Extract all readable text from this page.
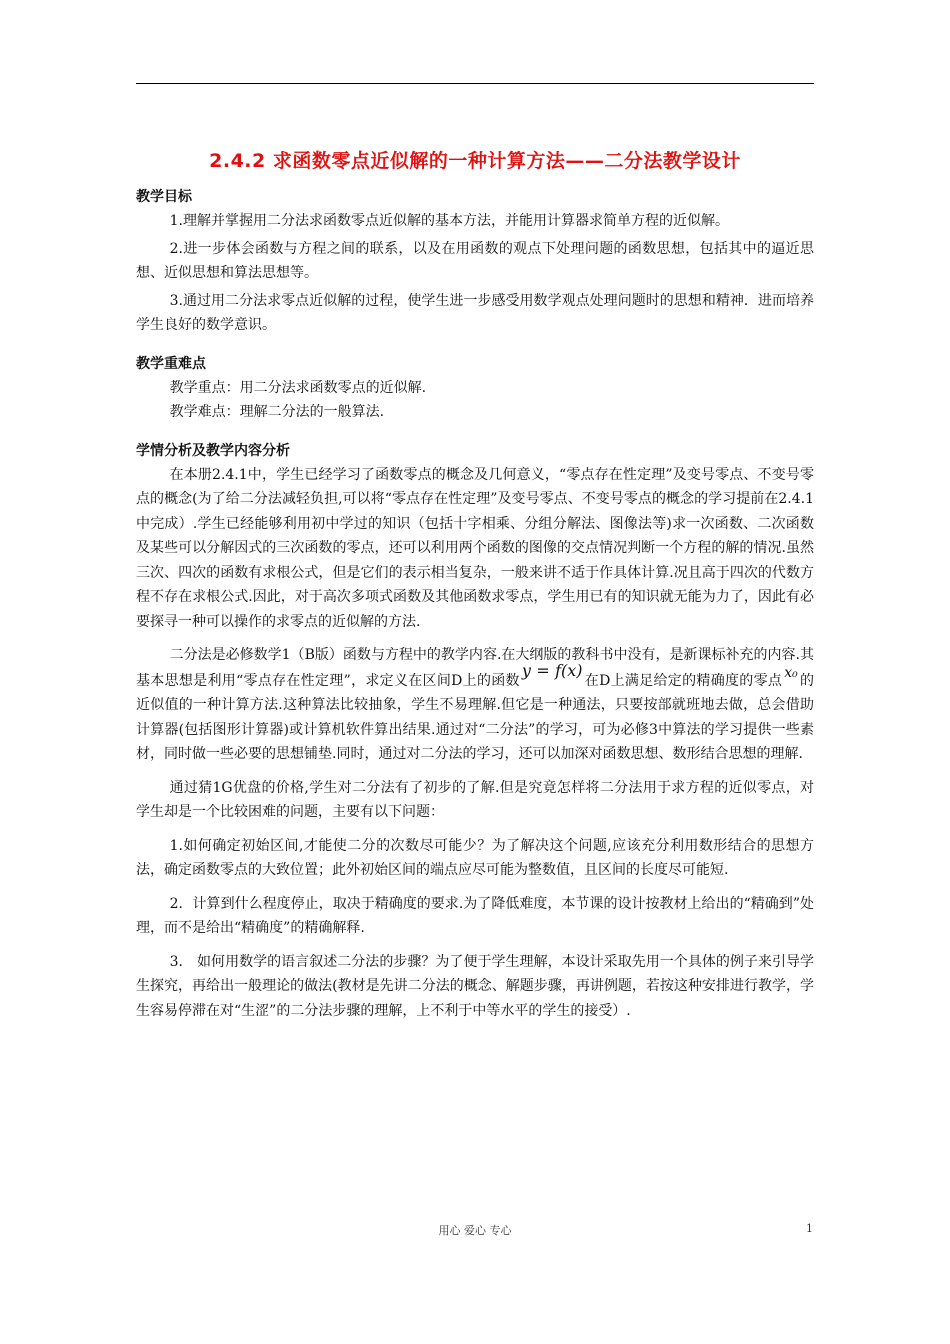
2.4.2 求函数零点近似解的一种计算方法——二分法教学设计
教学目标

1.理解并掌握用二分法求函数零点近似解的基本方法，并能用计算器求简单方程的近似解。

2.进一步体会函数与方程之间的联系，以及在用函数的观点下处理问题的函数思想，包括其中的逼近思想、近似思想和算法思想等。

3.通过用二分法求零点近似解的过程，使学生进一步感受用数学观点处理问题时的思想和精神．进而培养学生良好的数学意识。

教学重难点

教学重点：用二分法求函数零点的近似解.

教学难点：理解二分法的一般算法.

学情分析及教学内容分析

在本册2.4.1中，学生已经学习了函数零点的概念及几何意义，“零点存在性定理”及变号零点、不变号零点的概念(为了给二分法减轻负担,可以将“零点存在性定理”及变号零点、不变号零点的概念的学习提前在2.4.1中完成）.学生已经能够利用初中学过的知识（包括十字相乘、分组分解法、图像法等)求一次函数、二次函数及某些可以分解因式的三次函数的零点，还可以利用两个函数的图像的交点情况判断一个方程的解的情况.虽然三次、四次的函数有求根公式，但是它们的表示相当复杂，一般来讲不适于作具体计算.况且高于四次的代数方程不存在求根公式.因此，对于高次多项式函数及其他函数求零点，学生用已有的知识就无能为力了，因此有必要探寻一种可以操作的求零点的近似解的方法.

二分法是必修数学1（B版）函数与方程中的教学内容.在大纲版的教科书中没有，是新课标补充的内容.其基本思想是利用“零点存在性定理”，求定义在区间D上的函数y = f(x)在D上满足给定的精确度的零点 x₀ 的近似值的一种计算方法.这种算法比较抽象，学生不易理解.但它是一种通法，只要按部就班地去做，总会借助计算器(包括图形计算器)或计算机软件算出结果.通过对“二分法”的学习，可为必修3中算法的学习提供一些素材，同时做一些必要的思想铺垫.同时，通过对二分法的学习，还可以加深对函数思想、数形结合思想的理解.

通过猜1G优盘的价格,学生对二分法有了初步的了解.但是究竟怎样将二分法用于求方程的近似零点，对学生却是一个比较困难的问题，主要有以下问题：

1.如何确定初始区间,才能使二分的次数尽可能少？为了解决这个问题,应该充分利用数形结合的思想方法，确定函数零点的大致位置；此外初始区间的端点应尽可能为整数值，且区间的长度尽可能短.

2．计算到什么程度停止，取决于精确度的要求.为了降低难度，本节课的设计按教材上给出的“精确到”处理，而不是给出“精确度”的精确解释.

3． 如何用数学的语言叙述二分法的步骤？为了便于学生理解，本设计采取先用一个具体的例子来引导学生探究，再给出一般理论的做法(教材是先讲二分法的概念、解题步骤，再讲例题，若按这种安排进行教学，学生容易停滞在对“生涩”的二分法步骤的理解，上不利于中等水平的学生的接受）.

用心 爱心 专心	1
